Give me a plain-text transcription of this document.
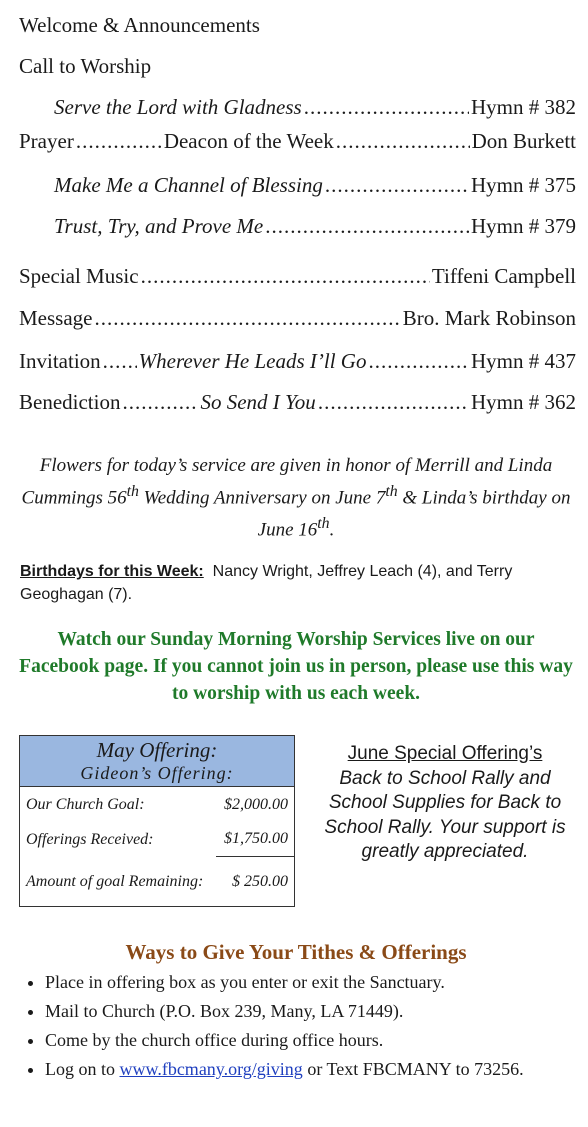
Welcome & Announcements
Call to Worship
Serve the Lord with Gladness .....	Hymn # 382
Prayer .....	Deacon of the Week .....	Don Burkett
Make Me a Channel of Blessing .....	Hymn # 375
Trust, Try, and Prove Me .....	Hymn # 379
Special Music .....	Tiffeni Campbell
Message .....	Bro. Mark Robinson
Invitation ..... Wherever He Leads I’ll Go .....	Hymn # 437
Benediction .....	So Send I You .....	Hymn # 362
Flowers for today’s service are given in honor of Merrill and Linda Cummings 56th Wedding Anniversary on June 7th & Linda’s birthday on June 16th.
Birthdays for this Week: Nancy Wright, Jeffrey Leach (4), and Terry Geoghagan (7).
Watch our Sunday Morning Worship Services live on our Facebook page. If you cannot join us in person, please use this way to worship with us each week.
May Offering:
Gideon’s Offering:	

Our Church Goal:	$2,000.00
Offerings Received:	$1,750.00
Amount of goal Remaining:	$ 250.00
June Special Offering’s
Back to School Rally and School Supplies for Back to School Rally. Your support is greatly appreciated.
Ways to Give Your Tithes & Offerings
• Place in offering box as you enter or exit the Sanctuary.
• Mail to Church (P.O. Box 239, Many, LA 71449).
• Come by the church office during office hours.
• Log on to www.fbcmany.org/giving or Text FBCMANY to 73256.
